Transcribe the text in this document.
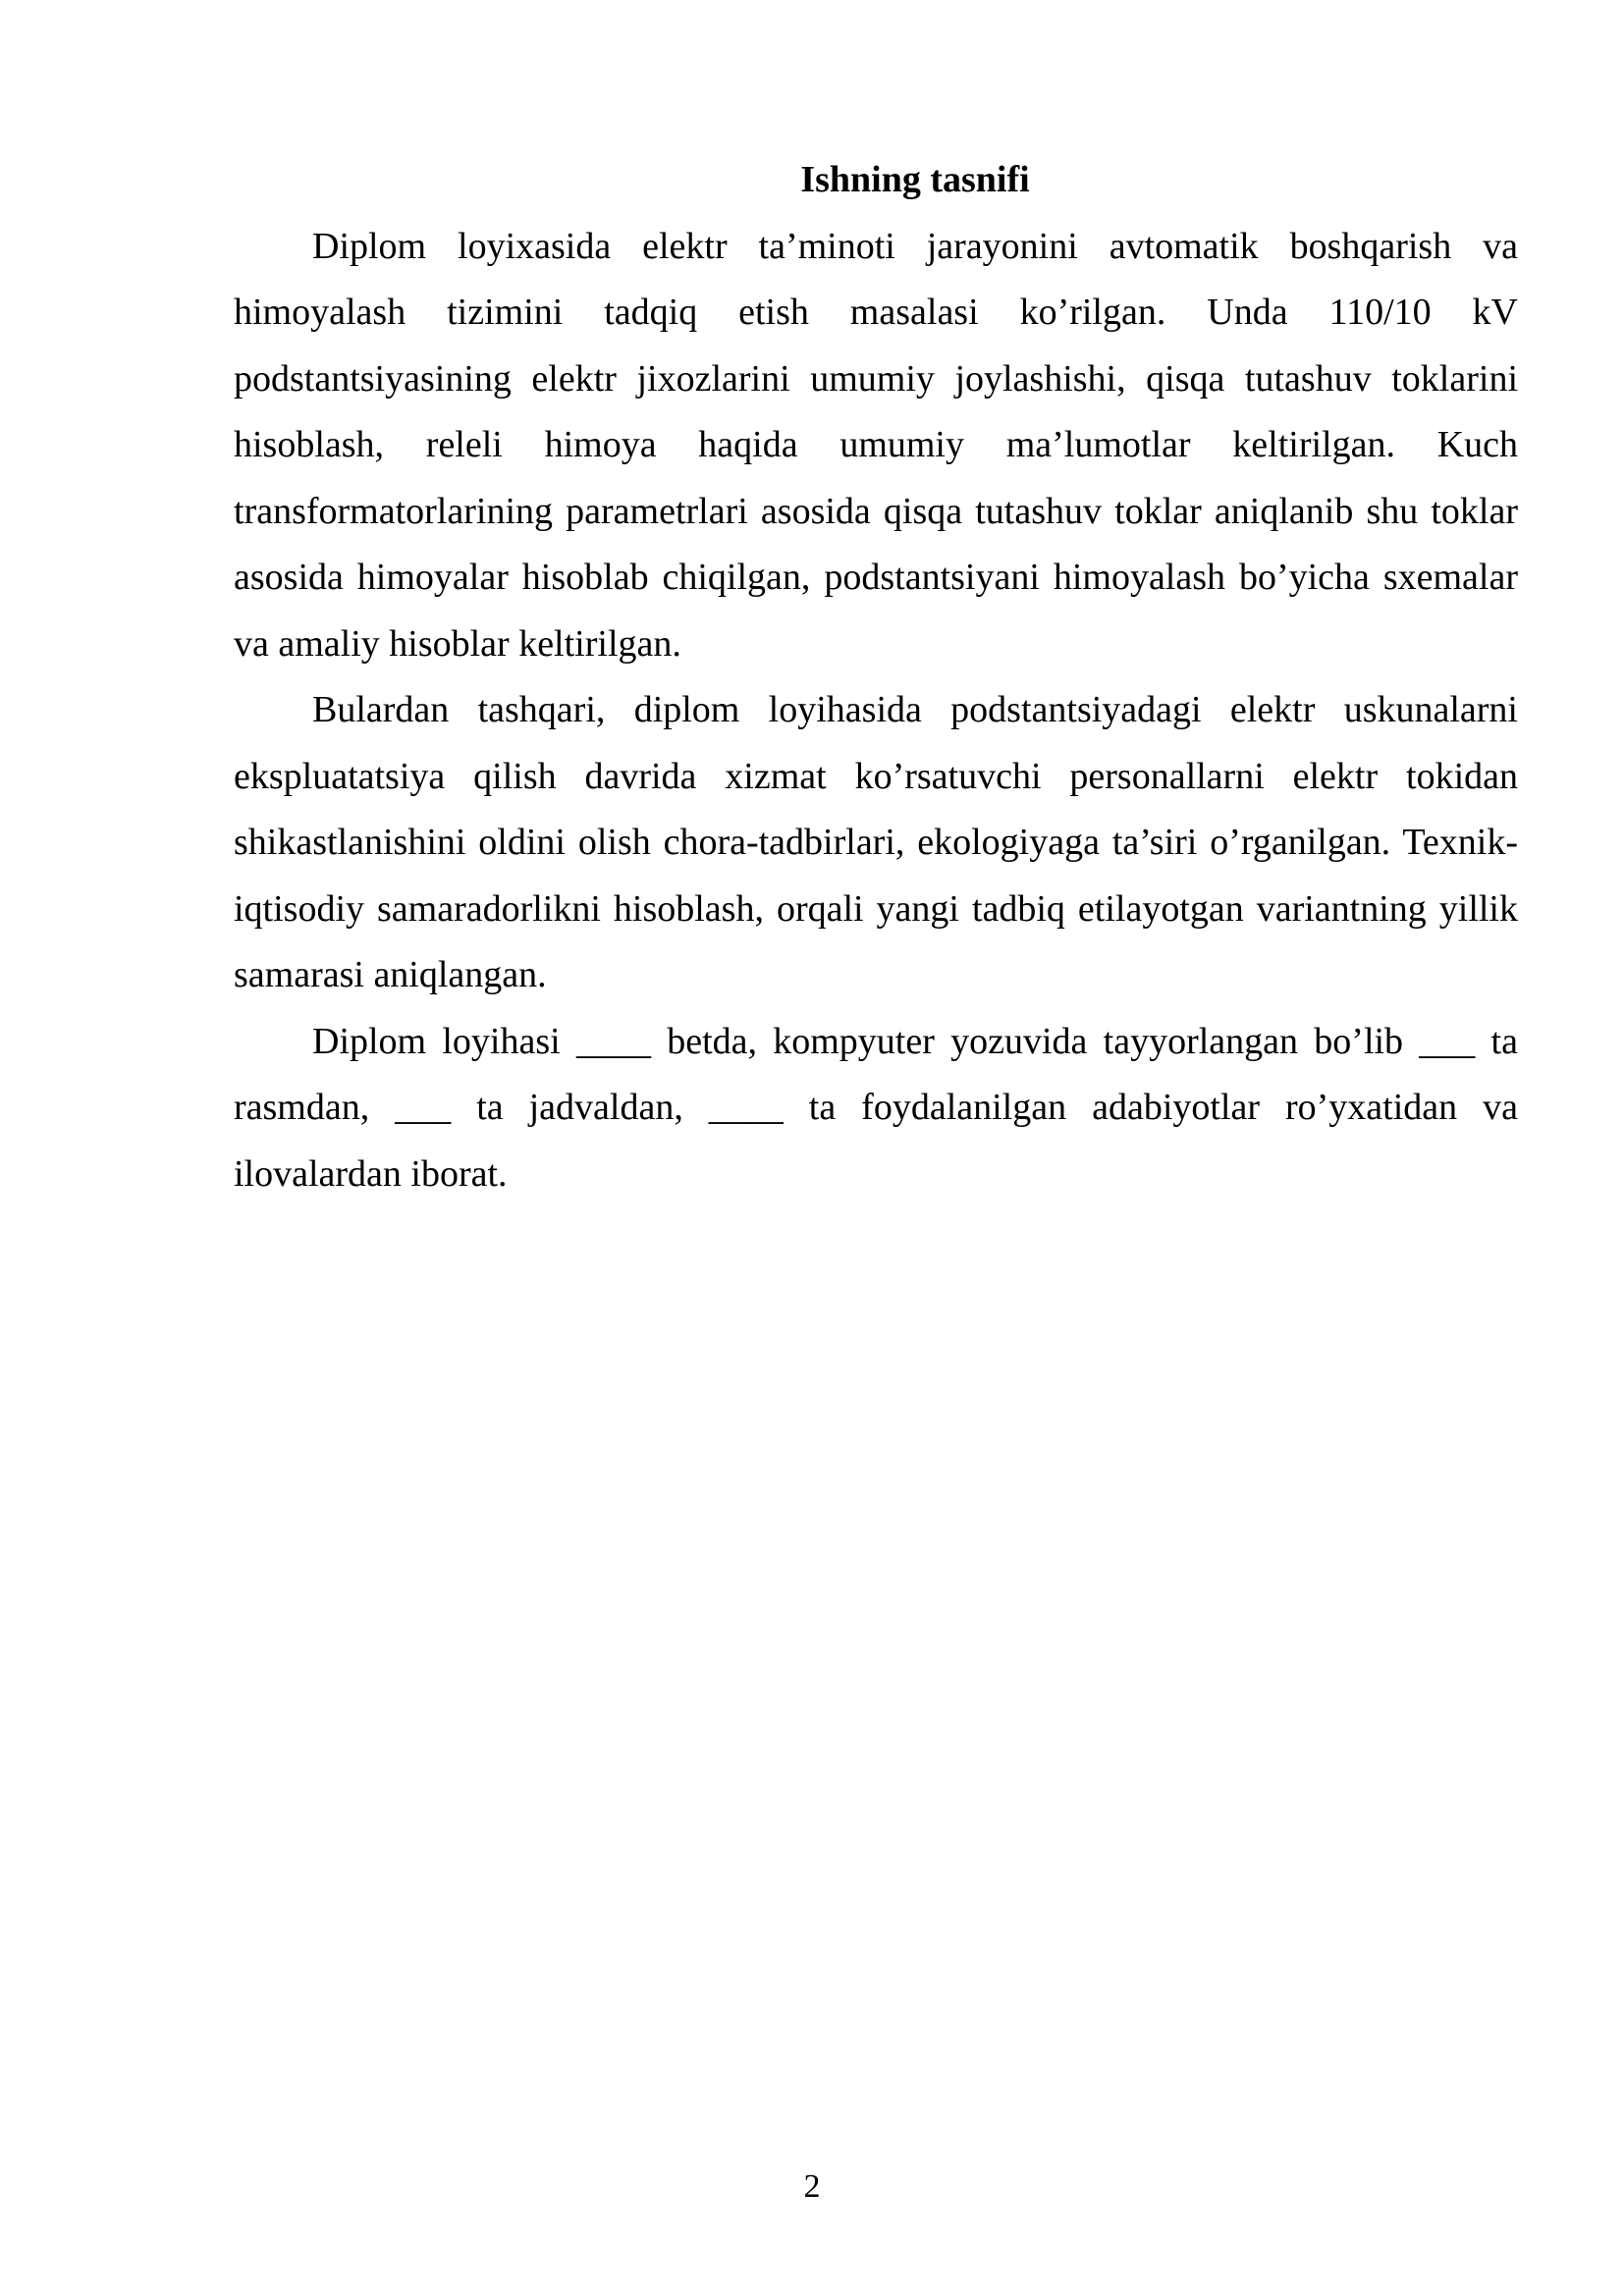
Ishning tasnifi

Diplom loyixasida elektr ta’minoti jarayonini avtomatik boshqarish va himoyalash tizimini tadqiq etish masalasi ko’rilgan. Unda 110/10 kV podstantsiyasining elektr jixozlarini umumiy joylashishi, qisqa tutashuv toklarini hisoblash, releli himoya haqida umumiy ma’lumotlar keltirilgan. Kuch transformatorlarining parametrlari asosida qisqa tutashuv toklar aniqlanib shu toklar asosida himoyalar hisoblab chiqilgan, podstantsiyani himoyalash bo’yicha sxemalar va amaliy hisoblar keltirilgan.

Bulardan tashqari, diplom loyihasida podstantsiyadagi elektr uskunalarni ekspluatatsiya qilish davrida xizmat ko’rsatuvchi personallarni elektr tokidan shikastlanishini oldini olish chora-tadbirlari, ekologiyaga ta’siri o’rganilgan. Texnik-iqtisodiy samaradorlikni hisoblash, orqali yangi tadbiq etilayotgan variantning yillik samarasi aniqlangan.

Diplom loyihasi ____ betda, kompyuter yozuvida tayyorlangan bo’lib ___ ta rasmdan, ___ ta jadvaldan, ____ ta foydalanilgan adabiyotlar ro’yxatidan va ilovalardan iborat.

2
